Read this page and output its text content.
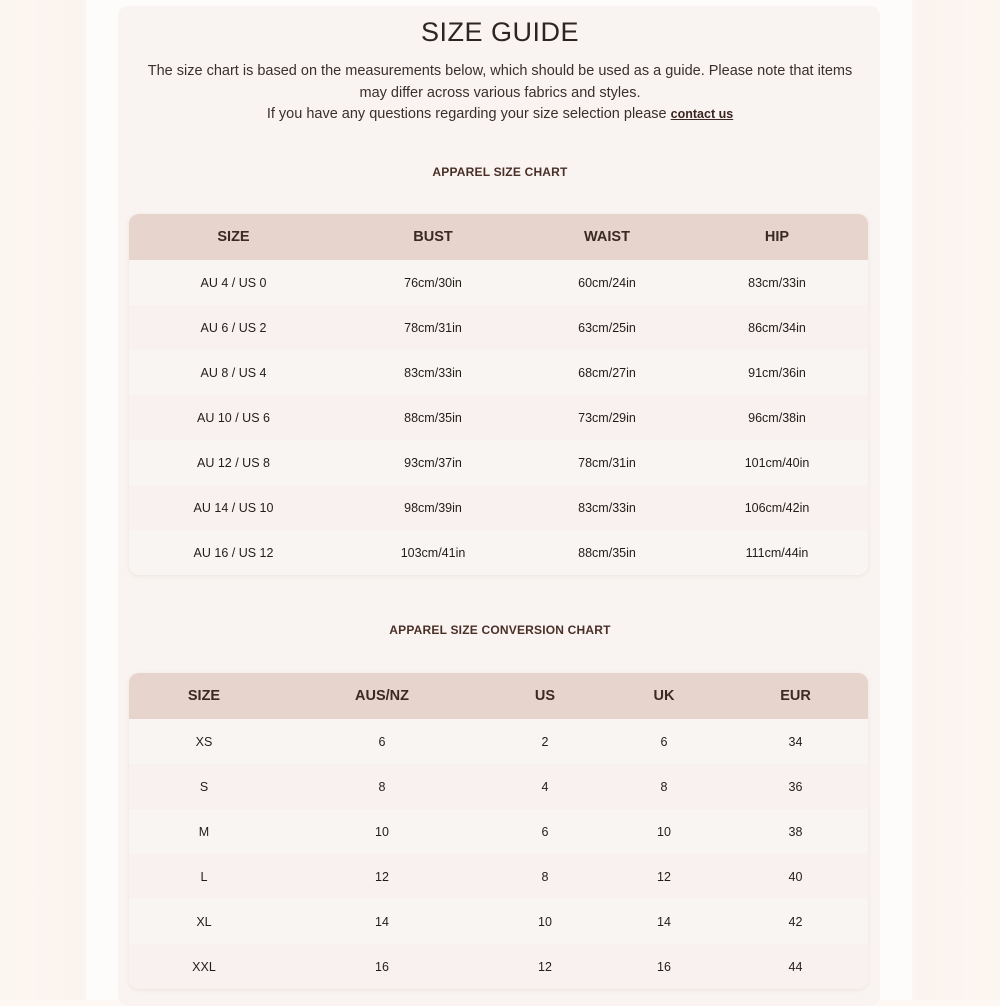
SIZE GUIDE

The size chart is based on the measurements below, which should be used as a guide. Please note that items may differ across various fabrics and styles.

If you have any questions regarding your size selection please contact us

APPAREL SIZE CHART
SIZE	BUST	WAIST	HIP
AU 4 / US 0	76cm/30in	60cm/24in	83cm/33in
AU 6 / US 2	78cm/31in	63cm/25in	86cm/34in
AU 8 / US 4	83cm/33in	68cm/27in	91cm/36in
AU 10 / US 6	88cm/35in	73cm/29in	96cm/38in
AU 12 / US 8	93cm/37in	78cm/31in	101cm/40in
AU 14 / US 10	98cm/39in	83cm/33in	106cm/42in
AU 16 / US 12	103cm/41in	88cm/35in	111cm/44in
APPAREL SIZE CONVERSION CHART
SIZE	AUS/NZ	US	UK	EUR
XS	6	2	6	34
S	8	4	8	36
M	10	6	10	38
L	12	8	12	40
XL	14	10	14	42
XXL	16	12	16	44
